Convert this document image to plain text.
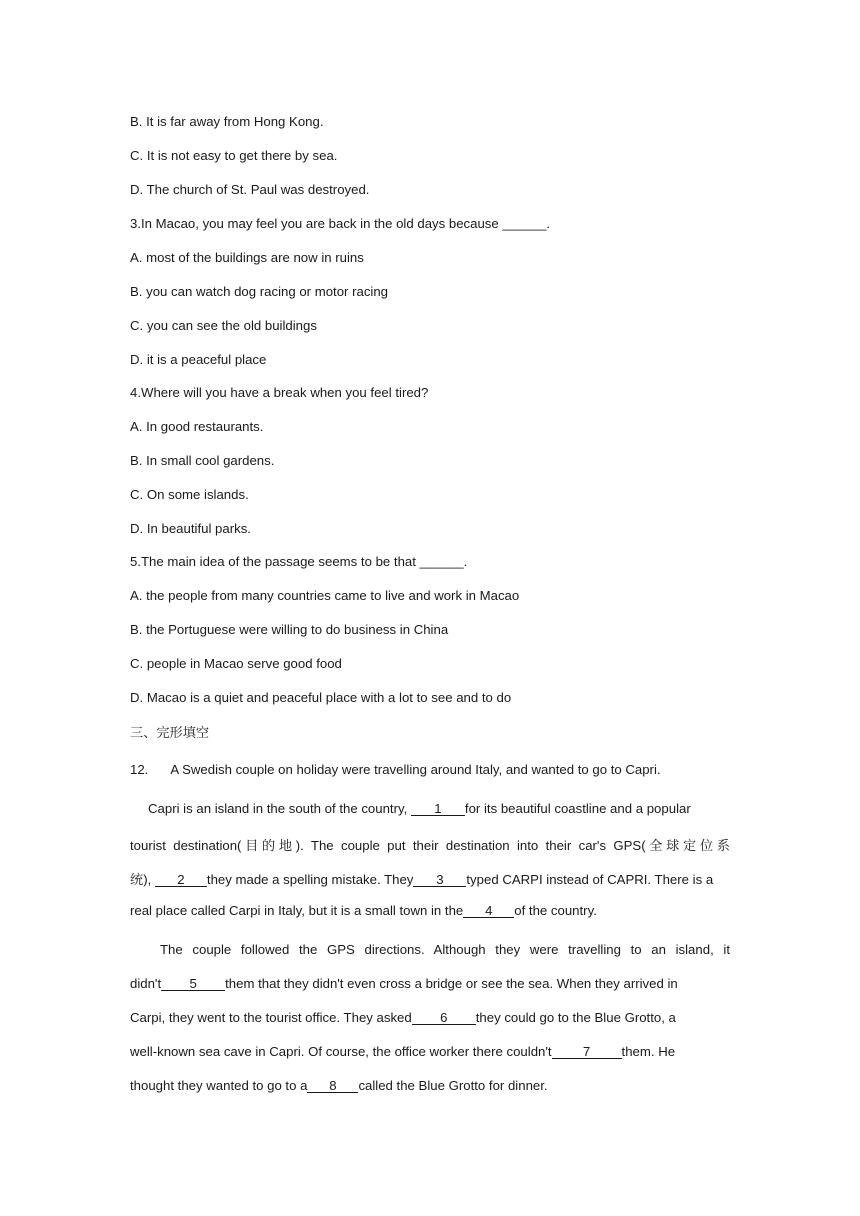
B. It is far away from Hong Kong.
C. It is not easy to get there by sea.
D. The church of St. Paul was destroyed.
3.In Macao, you may feel you are back in the old days because ______.
A. most of the buildings are now in ruins
B. you can watch dog racing or motor racing
C. you can see the old buildings
D. it is a peaceful place
4.Where will you have a break when you feel tired?
A. In good restaurants.
B. In small cool gardens.
C. On some islands.
D. In beautiful parks.
5.The main idea of the passage seems to be that ______.
A. the people from many countries came to live and work in Macao
B. the Portuguese were willing to do business in China
C. people in Macao serve good food
D. Macao is a quiet and peaceful place with a lot to see and to do
三、完形填空
12. A Swedish couple on holiday were travelling around Italy, and wanted to go to Capri.
Capri is an island in the south of the country, 1 for its beautiful coastline and a popular
tourist destination(目的地). The couple put their destination into their car's GPS(全球定位系
统), 2 they made a spelling mistake. They 3 typed CARPI instead of CAPRI. There is a
real place called Carpi in Italy, but it is a small town in the 4 of the country.
The couple followed the GPS directions. Although they were travelling to an island, it
didn't 5 them that they didn't even cross a bridge or see the sea. When they arrived in
Carpi, they went to the tourist office. They asked 6 they could go to the Blue Grotto, a
well-known sea cave in Capri. Of course, the office worker there couldn't 7 them. He
thought they wanted to go to a 8 called the Blue Grotto for dinner.
